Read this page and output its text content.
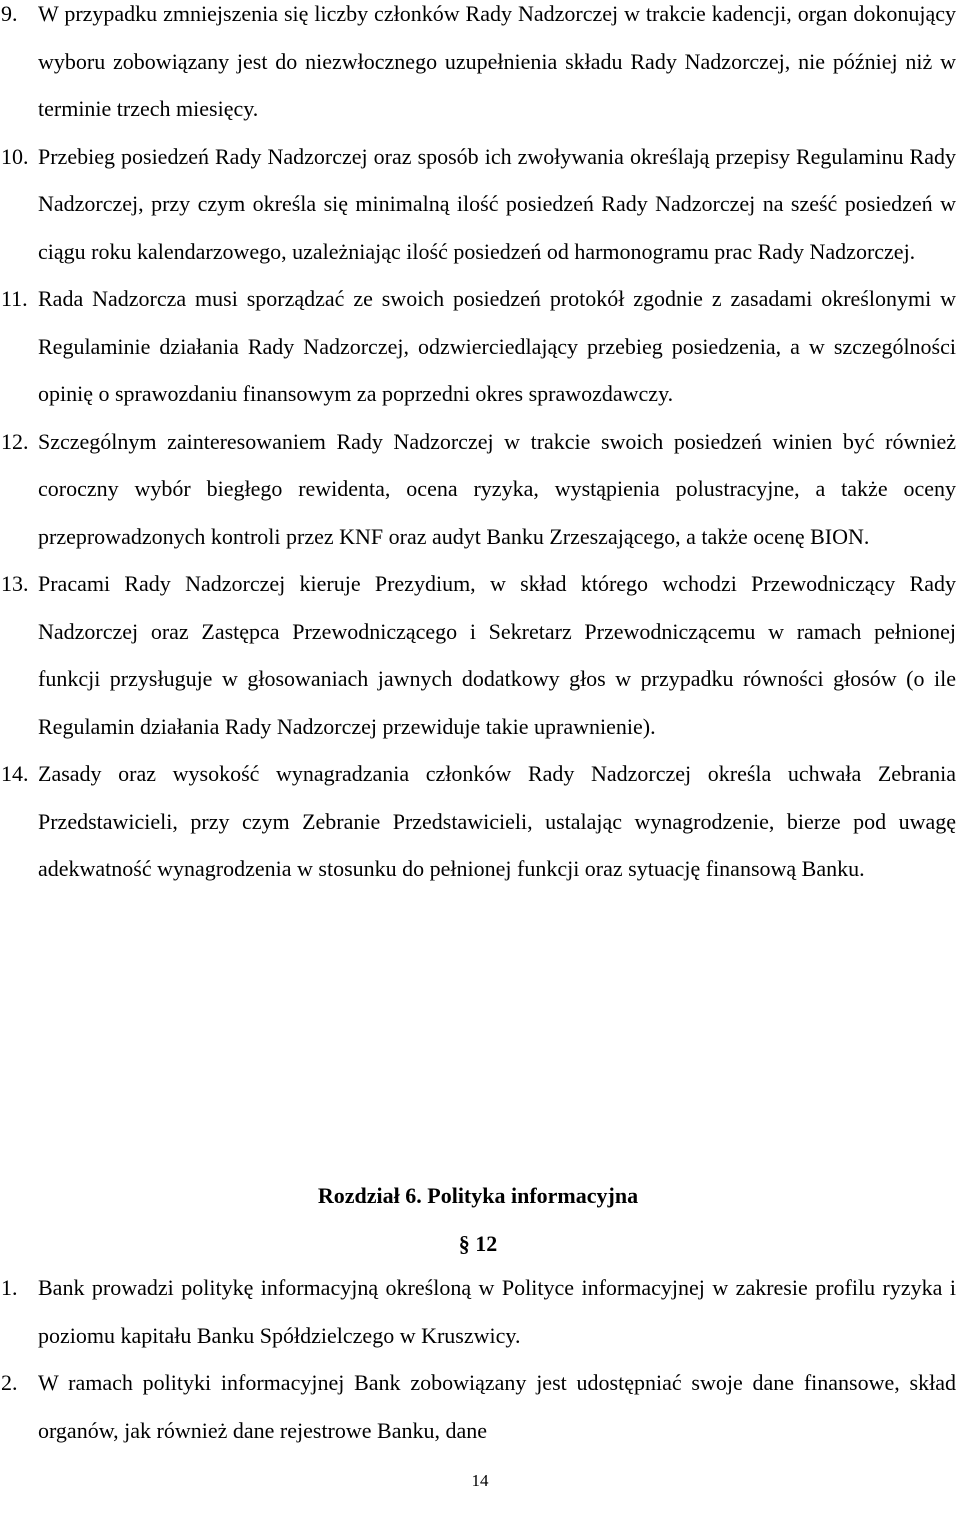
9. W przypadku zmniejszenia się liczby członków Rady Nadzorczej w trakcie kadencji, organ dokonujący wyboru zobowiązany jest do niezwłocznego uzupełnienia składu Rady Nadzorczej, nie później niż w terminie trzech miesięcy.

10. Przebieg posiedzeń Rady Nadzorczej oraz sposób ich zwoływania określają przepisy Regulaminu Rady Nadzorczej, przy czym określa się minimalną ilość posiedzeń Rady Nadzorczej na sześć posiedzeń w ciągu roku kalendarzowego, uzależniając ilość posiedzeń od harmonogramu prac Rady Nadzorczej.

11. Rada Nadzorcza musi sporządzać ze swoich posiedzeń protokół zgodnie z zasadami określonymi w Regulaminie działania Rady Nadzorczej, odzwierciedlający przebieg posiedzenia, a w szczególności opinię o sprawozdaniu finansowym za poprzedni okres sprawozdawczy.

12. Szczególnym zainteresowaniem Rady Nadzorczej w trakcie swoich posiedzeń winien być również coroczny wybór biegłego rewidenta, ocena ryzyka, wystąpienia polustracyjne, a także oceny przeprowadzonych kontroli przez KNF oraz audyt Banku Zrzeszającego, a także ocenę BION.

13. Pracami Rady Nadzorczej kieruje Prezydium, w skład którego wchodzi Przewodniczący Rady Nadzorczej oraz Zastępca Przewodniczącego i Sekretarz Przewodniczącemu w ramach pełnionej funkcji przysługuje w głosowaniach jawnych dodatkowy głos w przypadku równości głosów (o ile Regulamin działania Rady Nadzorczej przewiduje takie uprawnienie).

14. Zasady oraz wysokość wynagradzania członków Rady Nadzorczej określa uchwała Zebrania Przedstawicieli, przy czym Zebranie Przedstawicieli, ustalając wynagrodzenie, bierze pod uwagę adekwatność wynagrodzenia w stosunku do pełnionej funkcji oraz sytuację finansową Banku.

Rozdział 6. Polityka informacyjna
§ 12

1. Bank prowadzi politykę informacyjną określoną w Polityce informacyjnej w zakresie profilu ryzyka i poziomu kapitału Banku Spółdzielczego w Kruszwicy.

2. W ramach polityki informacyjnej Bank zobowiązany jest udostępniać swoje dane finansowe, skład organów, jak również dane rejestrowe Banku, dane

14
